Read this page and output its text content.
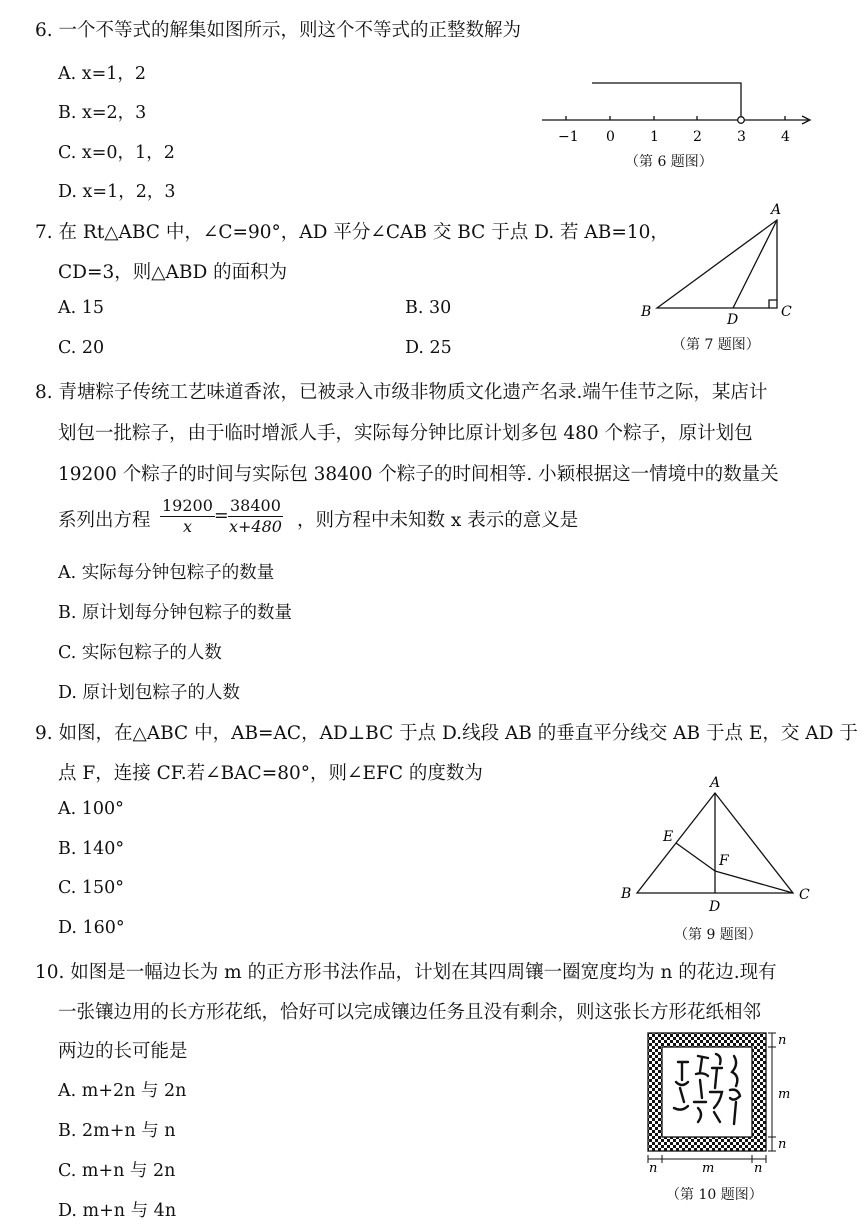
6. 一个不等式的解集如图所示，则这个不等式的正整数解为
A. x=1，2
B. x=2，3
C. x=0，1，2
D. x=1，2，3
−1 0	1 2	3	4
（第 6 题图）
7. 在 Rt△ABC 中，∠C=90°，AD 平分∠CAB 交 BC 于点 D. 若 AB=10，
CD=3，则△ABD 的面积为
A. 15	B. 30
C. 20	D. 25
A
B	D	C
（第 7 题图）
8. 青塘粽子传统工艺味道香浓，已被录入市级非物质文化遗产名录.端午佳节之际，某店计
划包一批粽子，由于临时增派人手，实际每分钟比原计划多包 480 个粽子，原计划包
19200 个粽子的时间与实际包 38400 个粽子的时间相等. 小颖根据这一情境中的数量关
系列出方程 $\frac{19200}{x} = \frac{38400}{x+480}$ ，则方程中未知数 x 表示的意义是
A. 实际每分钟包粽子的数量
B. 原计划每分钟包粽子的数量
C. 实际包粽子的人数
D. 原计划包粽子的人数
9. 如图，在△ABC 中，AB=AC，AD⊥BC 于点 D.线段 AB 的垂直平分线交 AB 于点 E，交 AD 于
点 F，连接 CF.若∠BAC=80°，则∠EFC 的度数为
A. 100°
B. 140°
C. 150°
D. 160°
A
E
F
B
D
C
（第 9 题图）
10. 如图是一幅边长为 m 的正方形书法作品，计划在其四周镶一圈宽度均为 n 的花边.现有
一张镶边用的长方形花纸，恰好可以完成镶边任务且没有剩余，则这张长方形花纸相邻
两边的长可能是
A. m+2n 与 2n
B. 2m+n 与 n
C. m+n 与 2n
D. m+n 与 4n
n
m
n
n	m	n
（第 10 题图）
